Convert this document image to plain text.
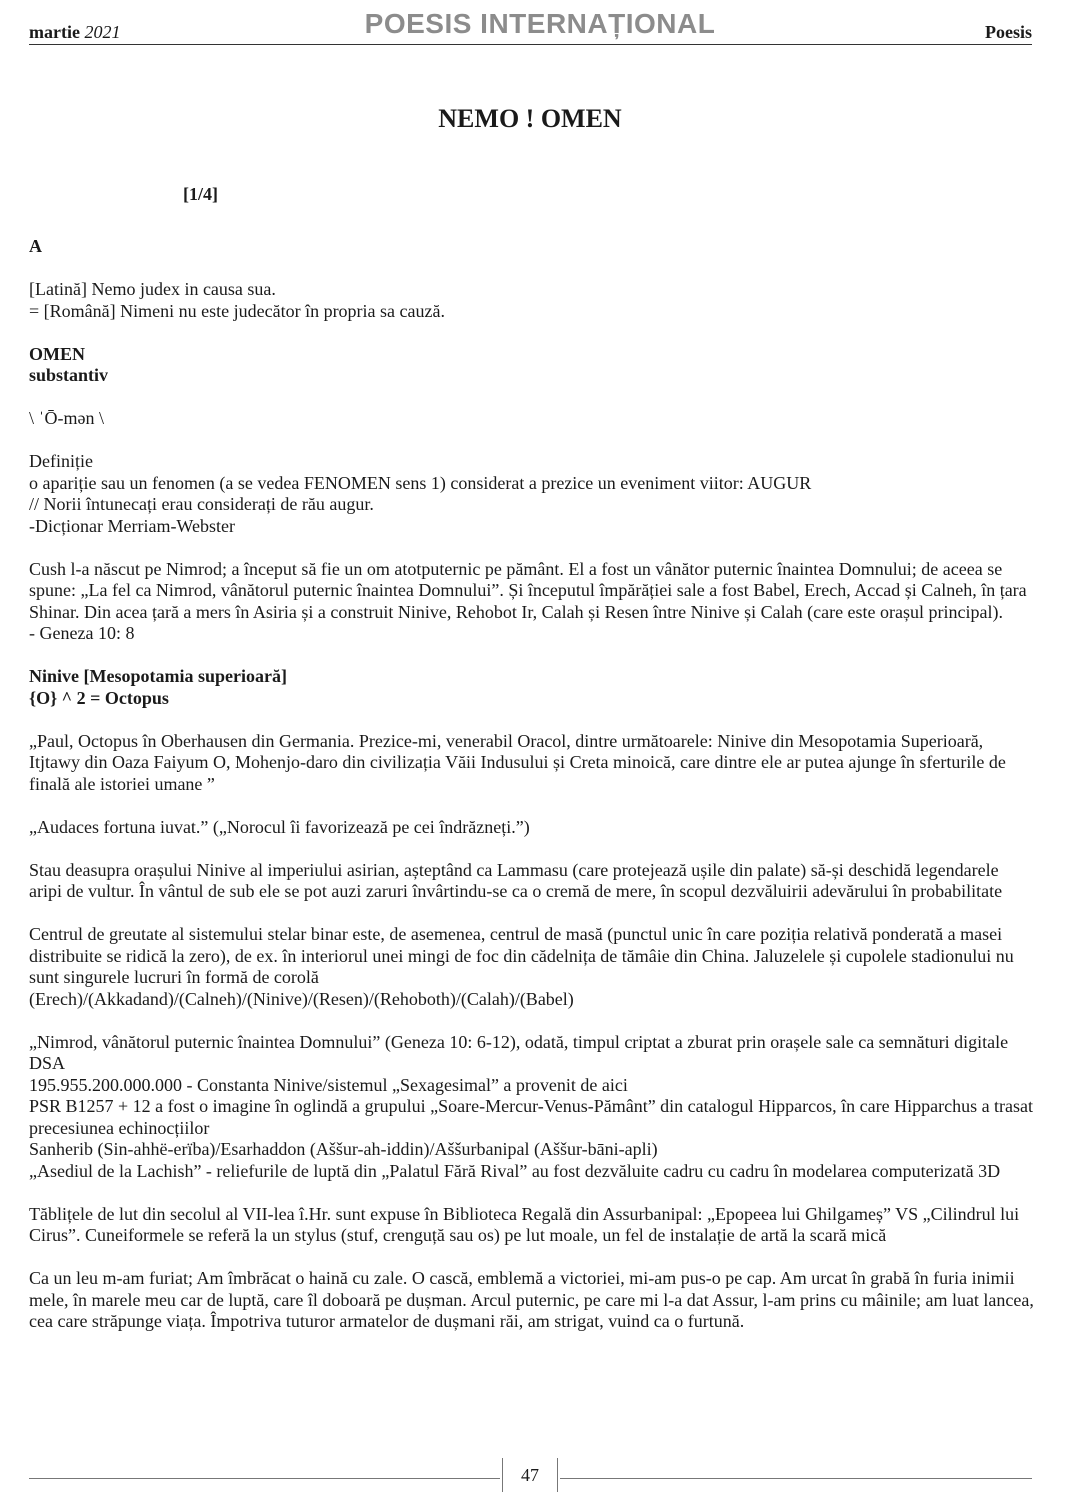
martie 2021	POESIS INTERNAȚIONAL	Poesis
NEMO ! OMEN
[1/4]

A

[Latină] Nemo judex in causa sua.
= [Română] Nimeni nu este judecător în propria sa cauză.

OMEN
substantiv

\ ˈŌ-mən \

Definiție
o apariție sau un fenomen (a se vedea FENOMEN sens 1) considerat a prezice un eveniment viitor: AUGUR
// Norii întunecați erau considerați de rău augur.
-Dicționar Merriam-Webster

Cush l-a născut pe Nimrod; a început să fie un om atotputernic pe pământ. El a fost un vânător puternic înaintea Domnului; de aceea se spune: „La fel ca Nimrod, vânătorul puternic înaintea Domnului”. Și începutul împărăției sale a fost Babel, Erech, Accad și Calneh, în țara Shinar. Din acea țară a mers în Asiria și a construit Ninive, Rehobot Ir, Calah și Resen între Ninive și Calah (care este orașul principal).
- Geneza 10: 8

Ninive [Mesopotamia superioară]
{O} ^ 2 = Octopus

„Paul, Octopus în Oberhausen din Germania. Prezice-mi, venerabil Oracol, dintre următoarele: Ninive din Mesopotamia Superioară, Itjtawy din Oaza Faiyum O, Mohenjo-daro din civilizația Văii Indusului și Creta minoică, care dintre ele ar putea ajunge în sferturile de finală ale istoriei umane ”

„Audaces fortuna iuvat.” („Norocul îi favorizează pe cei îndrăzneți.”)

Stau deasupra orașului Ninive al imperiului asirian, așteptând ca Lammasu (care protejează ușile din palate) să-și deschidă legendarele aripi de vultur. În vântul de sub ele se pot auzi zaruri învârtindu-se ca o cremă de mere, în scopul dezvăluirii adevărului în probabilitate

Centrul de greutate al sistemului stelar binar este, de asemenea, centrul de masă (punctul unic în care poziția relativă ponderată a masei distribuite se ridică la zero), de ex. în interiorul unei mingi de foc din cădelnița de tămâie din China. Jaluzelele și cupolele stadionului nu sunt singurele lucruri în formă de corolă
(Erech)/(Akkadand)/(Calneh)/(Ninive)/(Resen)/(Rehoboth)/(Calah)/(Babel)

„Nimrod, vânătorul puternic înaintea Domnului” (Geneza 10: 6-12), odată, timpul criptat a zburat prin orașele sale ca semnături digitale DSA
195.955.200.000.000 - Constanta Ninive/sistemul „Sexagesimal” a provenit de aici
PSR B1257 + 12 a fost o imagine în oglindă a grupului „Soare-Mercur-Venus-Pământ” din catalogul Hipparcos, în care Hipparchus a trasat precesiunea echinocțiilor
Sanherib (Sin-ahhë-erïba)/Esarhaddon (Aššur-ah-iddin)/Aššurbanipal (Aššur-bāni-apli)
„Asediul de la Lachish” - reliefurile de luptă din „Palatul Fără Rival” au fost dezvăluite cadru cu cadru în modelarea computerizată 3D

Tăblițele de lut din secolul al VII-lea î.Hr. sunt expuse în Biblioteca Regală din Assurbanipal: „Epopeea lui Ghilgameș” VS „Cilindrul lui Cirus”. Cuneiformele se referă la un stylus (stuf, crenguță sau os) pe lut moale, un fel de instalație de artă la scară mică

Ca un leu m-am furiat; Am îmbrăcat o haină cu zale. O cască, emblemă a victoriei, mi-am pus-o pe cap. Am urcat în grabă în furia inimii mele, în marele meu car de luptă, care îl doboară pe dușman. Arcul puternic, pe care mi l-a dat Assur, l-am prins cu mâinile; am luat lancea, cea care străpunge viața. Împotriva tuturor armatelor de dușmani răi, am strigat, vuind ca o furtună.

47
